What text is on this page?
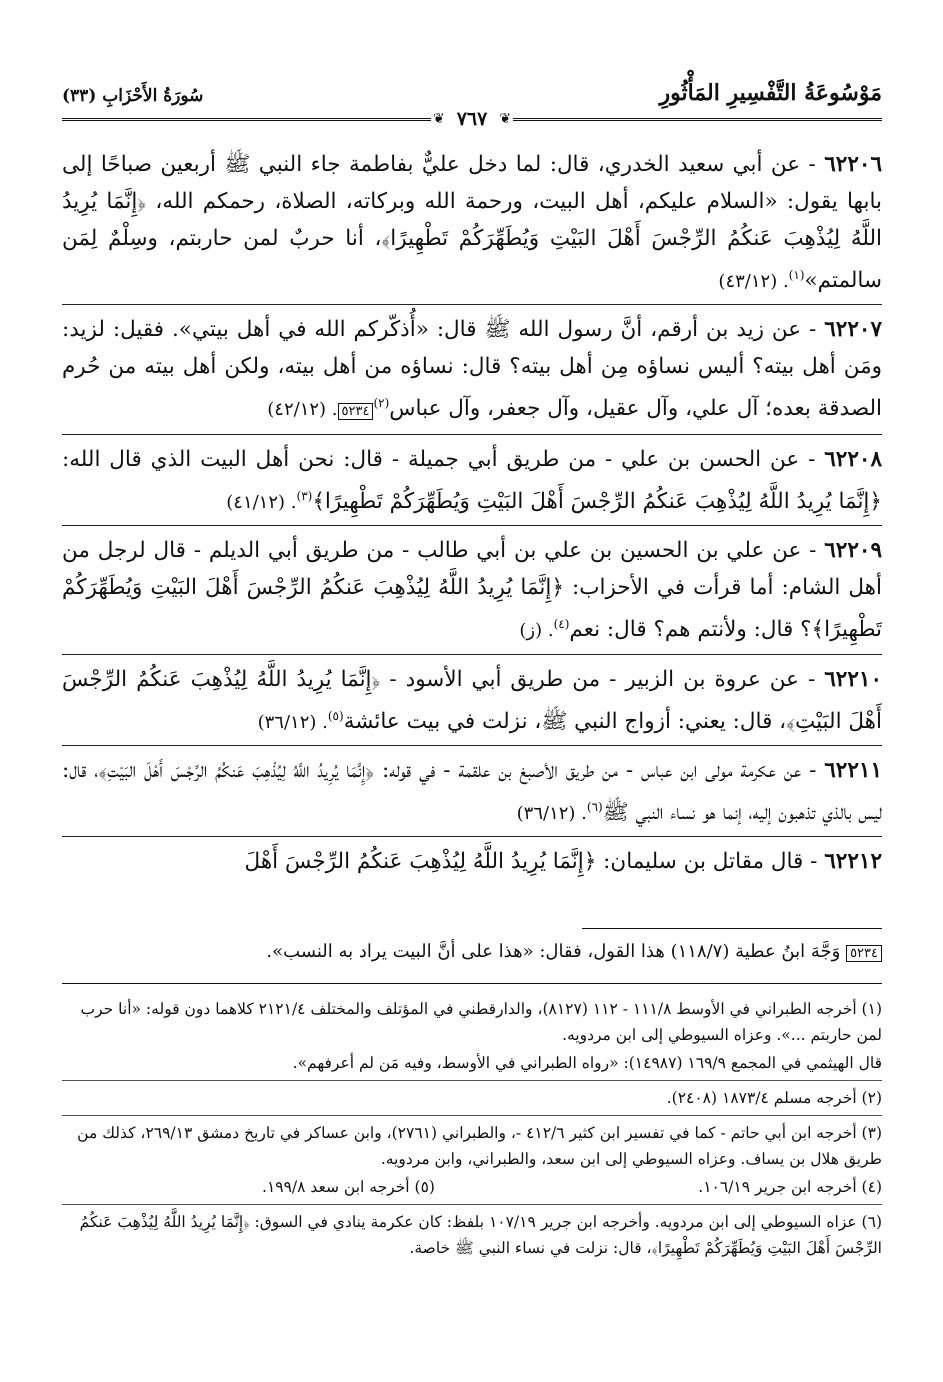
مَوْسُوعَةُ التَّفْسِيرِ المَأْثُورِ
سُورَةُ الأَحْزَابِ (٣٣)
❦
٧٦٧
❦

٦٢٢٠٦ - عن أبي سعيد الخدري، قال: لما دخل عليٌّ بفاطمة جاء النبي ﷺ أربعين صباحًا إلى بابها يقول: «السلام عليكم، أهل البيت، ورحمة الله وبركاته، الصلاة، رحمكم الله، ﴿إِنَّمَا يُرِيدُ اللَّهُ لِيُذْهِبَ عَنكُمُ الرِّجْسَ أَهْلَ البَيْتِ وَيُطَهِّرَكُمْ تَطْهِيرًا﴾، أنا حربٌ لمن حاربتم، وسِلْمٌ لِمَن سالمتم»$^{(١)}$. (٤٣/١٢)

٦٢٢٠٧ - عن زيد بن أرقم، أنَّ رسول الله ﷺ قال: «أُذكّركم الله في أهل بيتي». فقيل: لزيد: ومَن أهل بيته؟ أليس نساؤه مِن أهل بيته؟ قال: نساؤه من أهل بيته، ولكن أهل بيته من حُرم الصدقة بعده؛ آل علي، وآل عقيل، وآل جعفر، وآل عباس$^{(٢)}$٥٢٣٤. (٤٢/١٢)

٦٢٢٠٨ - عن الحسن بن علي - من طريق أبي جميلة - قال: نحن أهل البيت الذي قال الله: ﴿إِنَّمَا يُرِيدُ اللَّهُ لِيُذْهِبَ عَنكُمُ الرِّجْسَ أَهْلَ البَيْتِ وَيُطَهِّرَكُمْ تَطْهِيرًا﴾$^{(٣)}$. (٤١/١٢)

٦٢٢٠٩ - عن علي بن الحسين بن علي بن أبي طالب - من طريق أبي الديلم - قال لرجل من أهل الشام: أما قرأت في الأحزاب: ﴿إِنَّمَا يُرِيدُ اللَّهُ لِيُذْهِبَ عَنكُمُ الرِّجْسَ أَهْلَ البَيْتِ وَيُطَهِّرَكُمْ تَطْهِيرًا﴾؟ قال: ولأنتم هم؟ قال: نعم$^{(٤)}$. (ز)

٦٢٢١٠ - عن عروة بن الزبير - من طريق أبي الأسود - ﴿إِنَّمَا يُرِيدُ اللَّهُ لِيُذْهِبَ عَنكُمُ الرِّجْسَ أَهْلَ البَيْتِ﴾، قال: يعني: أزواج النبي ﷺ، نزلت في بيت عائشة$^{(٥)}$. (٣٦/١٢)

٦٢٢١١ - عن عكرمة مولى ابن عباس - من طريق الأصبغ بن علقمة - في قوله: ﴿إِنَّمَا يُرِيدُ اللَّهُ لِيُذْهِبَ عَنكُمُ الرِّجْسَ أَهْلَ البَيْتِ﴾، قال: ليس بالذي تذهبون إليه، إنما هو نساء النبي ﷺ$^{(٦)}$. (٣٦/١٢)

٦٢٢١٢ - قال مقاتل بن سليمان: ﴿إِنَّمَا يُرِيدُ اللَّهُ لِيُذْهِبَ عَنكُمُ الرِّجْسَ أَهْلَ

٥٢٣٤ وَجَّهَ ابنُ عطية (١١٨/٧) هذا القول، فقال: «هذا على أنَّ البيت يراد به النسب».

(١) أخرجه الطبراني في الأوسط ١١١/٨ - ١١٢ (٨١٢٧)، والدارقطني في المؤتلف والمختلف ٢١٢١/٤ كلاهما دون قوله: «أنا حرب لمن حاربتم ...». وعزاه السيوطي إلى ابن مردويه.

قال الهيثمي في المجمع ١٦٩/٩ (١٤٩٨٧): «رواه الطبراني في الأوسط، وفيه مَن لم أعرفهم».

(٢) أخرجه مسلم ١٨٧٣/٤ (٢٤٠٨).

(٣) أخرجه ابن أبي حاتم - كما في تفسير ابن كثير ٤١٢/٦ -، والطبراني (٢٧٦١)، وابن عساكر في تاريخ دمشق ٢٦٩/١٣، كذلك من طريق هلال بن يساف. وعزاه السيوطي إلى ابن سعد، والطبراني، وابن مردويه.

(٤) أخرجه ابن جرير ١٠٦/١٩.
(٥) أخرجه ابن سعد ١٩٩/٨.

(٦) عزاه السيوطي إلى ابن مردويه. وأخرجه ابن جرير ١٠٧/١٩ بلفظ: كان عكرمة ينادي في السوق: ﴿إِنَّمَا يُرِيدُ اللَّهُ لِيُذْهِبَ عَنكُمُ الرِّجْسَ أَهْلَ البَيْتِ وَيُطَهِّرَكُمْ تَطْهِيرًا﴾، قال: نزلت في نساء النبي ﷺ خاصة.
